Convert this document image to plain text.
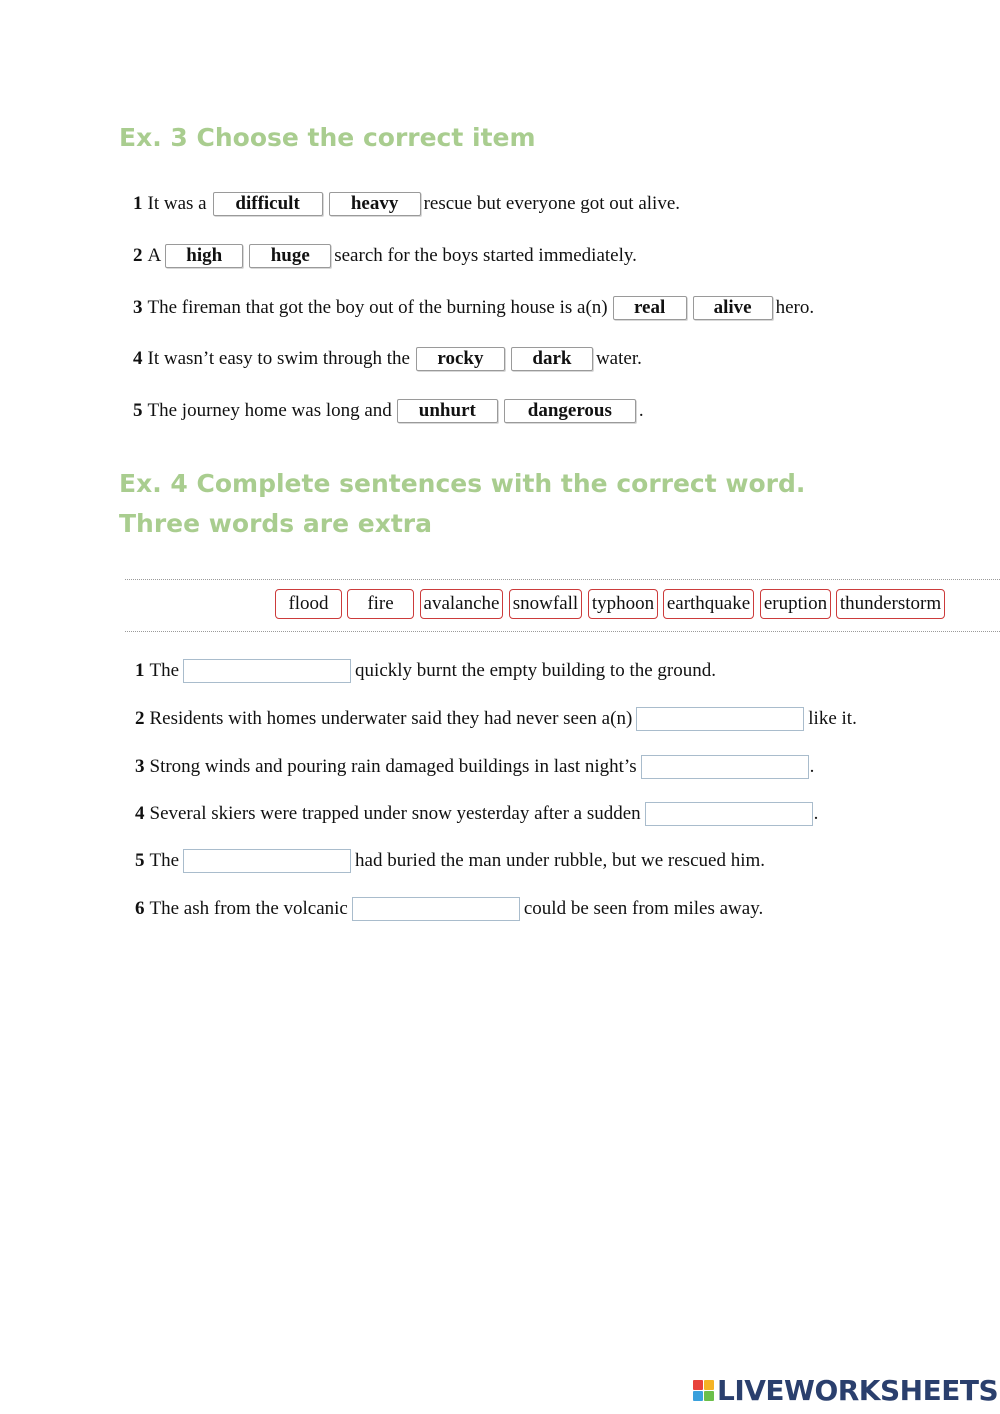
Ex. 3 Choose the correct item
1 It was a	difficult	heavy	rescue but everyone got out alive.
2 A	high	huge	search for the boys started immediately.
3 The fireman that got the boy out of the burning house is a(n)	real	alive	hero.
4 It wasn’t easy to swim through the	rocky	dark	water.
5 The journey home was long and	unhurt	dangerous	.
Ex. 4 Complete sentences with the correct word. Three words are extra
flood	fire	avalanche snowfall typhoon earthquake eruption thunderstorm
1 The	quickly burnt the empty building to the ground.
2 Residents with homes underwater said they had never seen a(n)	like it.
3 Strong winds and pouring rain damaged buildings in last night’s	.
4 Several skiers were trapped under snow yesterday after a sudden	.
5 The	had buried the man under rubble, but we rescued him.
6 The ash from the volcanic	could be seen from miles away.
LIVEWORKSHEETS
